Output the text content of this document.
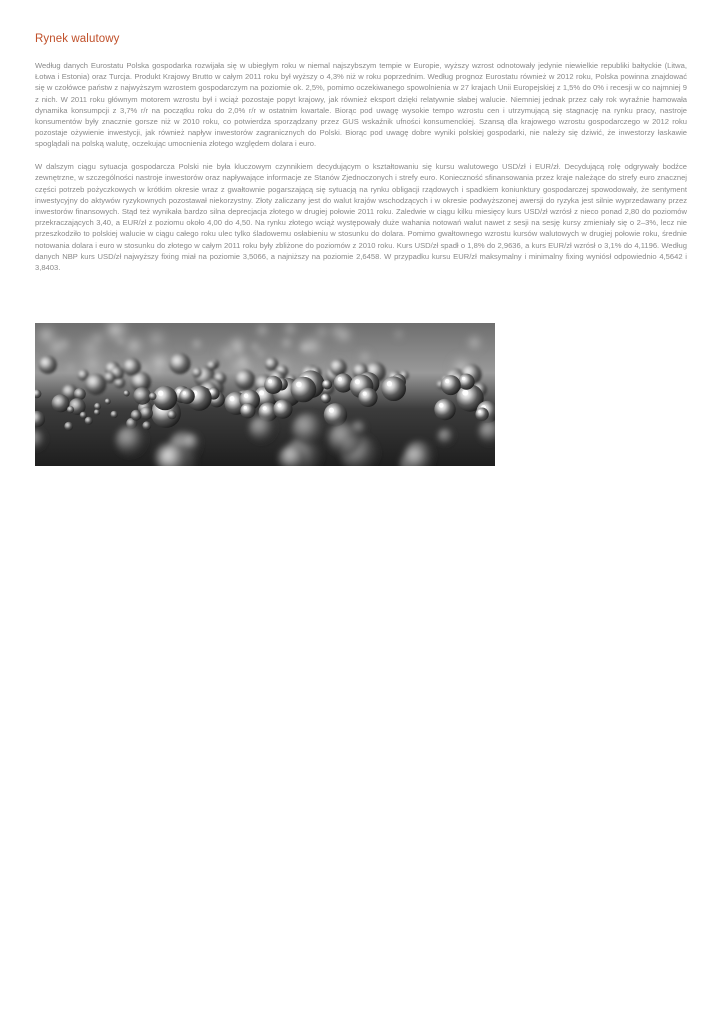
Rynek walutowy

Według danych Eurostatu Polska gospodarka rozwijała się w ubiegłym roku w niemal najszybszym tempie w Europie, wyższy wzrost odnotowały jedynie niewielkie republiki bałtyckie (Litwa, Łotwa i Estonia) oraz Turcja. Produkt Krajowy Brutto w całym 2011 roku był wyższy o 4,3% niż w roku poprzednim. Według prognoz Eurostatu również w 2012 roku, Polska powinna znajdować się w czołówce państw z najwyższym wzrostem gospodarczym na poziomie ok. 2,5%, pomimo oczekiwanego spowolnienia w 27 krajach Unii Europejskiej z 1,5% do 0% i recesji w co najmniej 9 z nich. W 2011 roku głównym motorem wzrostu był i wciąż pozostaje popyt krajowy, jak również eksport dzięki relatywnie słabej walucie. Niemniej jednak przez cały rok wyraźnie hamowała dynamika konsumpcji z 3,7% r/r na początku roku do 2,0% r/r w ostatnim kwartale. Biorąc pod uwagę wysokie tempo wzrostu cen i utrzymującą się stagnację na rynku pracy, nastroje konsumentów były znacznie gorsze niż w 2010 roku, co potwierdza sporządzany przez GUS wskaźnik ufności konsumenckiej. Szansą dla krajowego wzrostu gospodarczego w 2012 roku pozostaje ożywienie inwestycji, jak również napływ inwestorów zagranicznych do Polski. Biorąc pod uwagę dobre wyniki polskiej gospodarki, nie należy się dziwić, że inwestorzy łaskawie spoglądali na polską walutę, oczekując umocnienia złotego względem dolara i euro.

W dalszym ciągu sytuacja gospodarcza Polski nie była kluczowym czynnikiem decydującym o kształtowaniu się kursu walutowego USD/zł i EUR/zł. Decydującą rolę odgrywały bodźce zewnętrzne, w szczególności nastroje inwestorów oraz napływające informacje ze Stanów Zjednoczonych i strefy euro. Konieczność sfinansowania przez kraje należące do strefy euro znacznej części potrzeb pożyczkowych w krótkim okresie wraz z gwałtownie pogarszającą się sytuacją na rynku obligacji rządowych i spadkiem koniunktury gospodarczej spowodowały, że sentyment inwestycyjny do aktywów ryzykownych pozostawał niekorzystny. Złoty zaliczany jest do walut krajów wschodzących i w okresie podwyższonej awersji do ryzyka jest silnie wyprzedawany przez inwestorów finansowych. Stąd też wynikała bardzo silna deprecjacja złotego w drugiej połowie 2011 roku. Zaledwie w ciągu kilku miesięcy kurs USD/zł wzrósł z nieco ponad 2,80 do poziomów przekraczających 3,40, a EUR/zł z poziomu około 4,00 do 4,50. Na rynku złotego wciąż występowały duże wahania notowań walut nawet z sesji na sesję kursy zmieniały się o 2–3%, lecz nie przeszkodziło to polskiej walucie w ciągu całego roku ulec tylko śladowemu osłabieniu w stosunku do dolara. Pomimo gwałtownego wzrostu kursów walutowych w drugiej połowie roku, średnie notowania dolara i euro w stosunku do złotego w całym 2011 roku były zbliżone do poziomów z 2010 roku. Kurs USD/zł spadł o 1,8% do 2,9636, a kurs EUR/zł wzrósł o 3,1% do 4,1196. Według danych NBP kurs USD/zł najwyższy fixing miał na poziomie 3,5066, a najniższy na poziomie 2,6458. W przypadku kursu EUR/zł maksymalny i minimalny fixing wyniósł odpowiednio 4,5642 i 3,8403.
